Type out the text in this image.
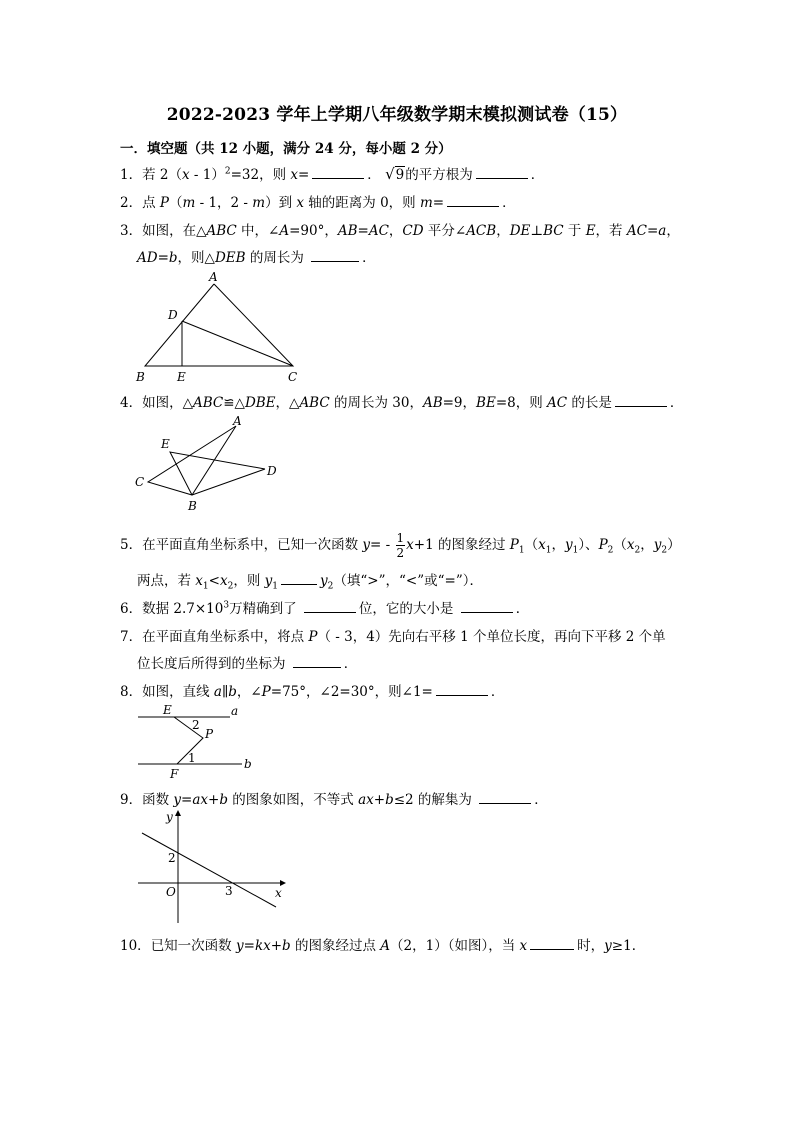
2022-2023 学年上学期八年级数学期末模拟测试卷（15）
一．填空题（共 12 小题，满分 24 分，每小题 2 分）
1．若 2（x - 1）$^2$=32，则 x=	． √9的平方根为	．
2．点 P（m - 1，2 - m）到 x 轴的距离为 0，则 m=	．
3．如图，在△ABC 中，∠A=90°，AB=AC，CD 平分∠ACB，DE⊥BC 于 E，若 AC=a，
AD=b，则△DEB 的周长为	．
A
D
B	E	C
4．如图，△ABC≌△DBE，△ABC 的周长为 30，AB=9，BE=8，则 AC 的长是	．
A
E
D
C
B
5．在平面直角坐标系中，已知一次函数 $y= - \frac{1}{2} x+1$ 的图象经过 $P_1(x_1$，$y_1$）、$P_2(x_2$，$y_2$）
两点，若 $x_1<x_2$，则 $y_1$	$y_2$（填“>”，“<”或“=”）．
6．数据 $2.7\times 10^3$万精确到了	位，它的大小是	．
7．在平面直角坐标系中，将点 P（ - 3，4）先向右平移 1 个单位长度，再向下平移 2 个单
位长度后所得到的坐标为	．
8．如图，直线 a∥b，∠P=75°，∠2=30°，则∠1=	．
E	a
2
P
1	b
F
9．函数 y=ax+b 的图象如图，不等式 ax+b≤2 的解集为	．
y
2
O	3	x
10．已知一次函数 y=kx+b 的图象经过点 A（2，1）（如图），当 x	时，y≥1．
